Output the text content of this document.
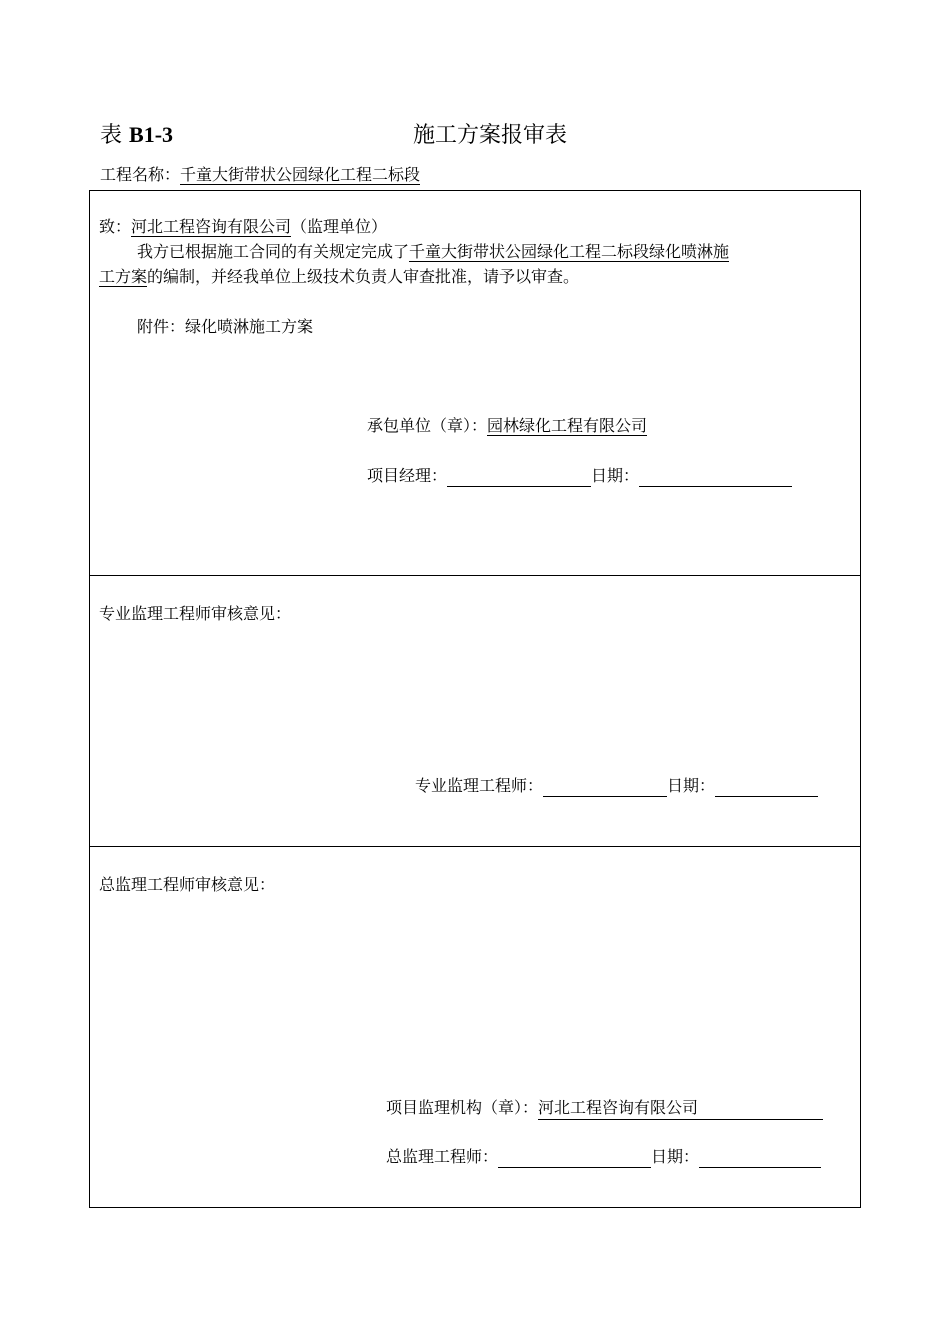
表 B1-3	施工方案报审表
工程名称：千童大街带状公园绿化工程二标段
致：河北工程咨询有限公司（监理单位）
我方已根据施工合同的有关规定完成了千童大街带状公园绿化工程二标段绿化喷淋施
工方案的编制，并经我单位上级技术负责人审查批准，请予以审查。
附件：绿化喷淋施工方案
承包单位（章）：园林绿化工程有限公司
项目经理：	日期：
专业监理工程师审核意见：
专业监理工程师：	日期：
总监理工程师审核意见：
项目监理机构（章）：河北工程咨询有限公司
总监理工程师：	日期：
